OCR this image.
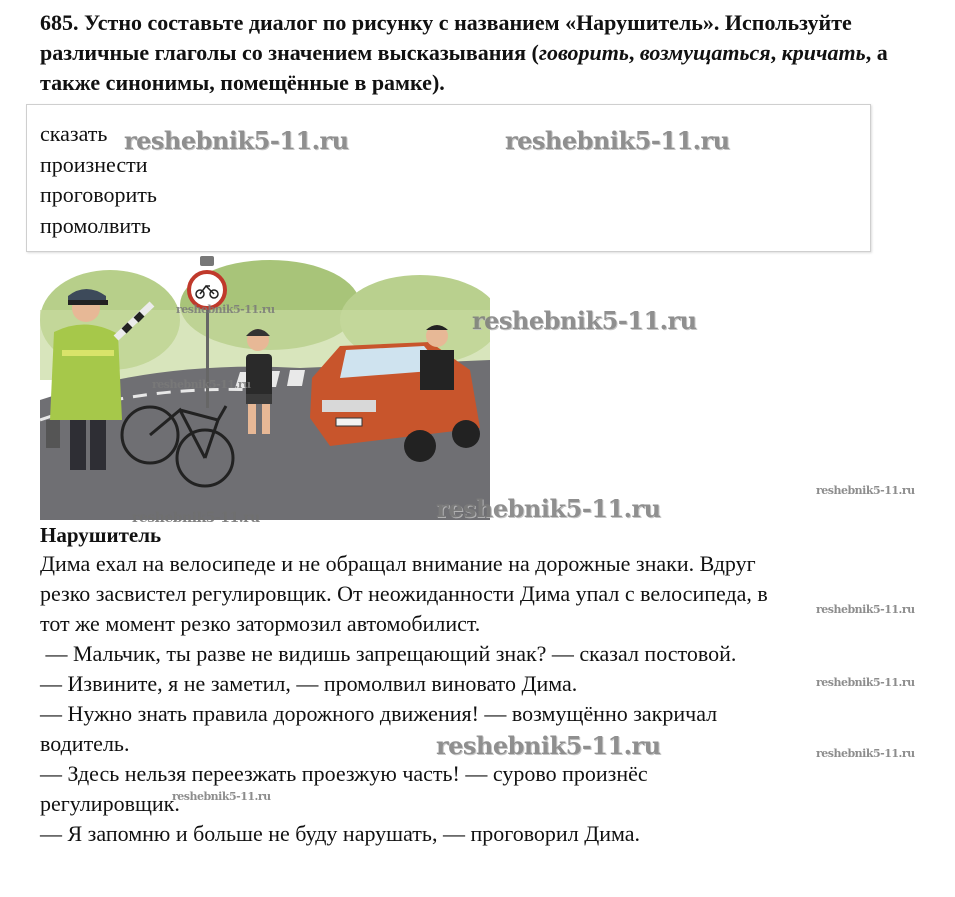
685. Устно составьте диалог по рисунку с названием «Нарушитель». Используйте различные глаголы со значением высказывания (говорить, возмущаться, кричать, а также синонимы, помещённые в рамке).
сказать
произнести
проговорить
промолвить
reshebnik5-11.ru	reshebnik5-11.ru
reshebnik5-11.ru
reshebnik5-11.ru
reshebnik5-11.ru
reshebnik5-11.ru
reshebnik5-11.ru
reshebnik5-11.ru
reshebnik5-11.ru
reshebnik5-11.ru
reshebnik5-11.ru
reshebnik5-11.ru
reshebnik5-11.ru
Нарушитель

Дима ехал на велосипеде и не обращал внимание на дорожные знаки. Вдруг

резко засвистел регулировщик. От неожиданности Дима упал с велосипеда, в

тот же момент резко затормозил автомобилист.

— Мальчик, ты разве не видишь запрещающий знак? — сказал постовой.

— Извините, я не заметил, — промолвил виновато Дима.

— Нужно знать правила дорожного движения! — возмущённо закричал

водитель.

— Здесь нельзя переезжать проезжую часть! — сурово произнёс

регулировщик.

— Я запомню и больше не буду нарушать, — проговорил Дима.
